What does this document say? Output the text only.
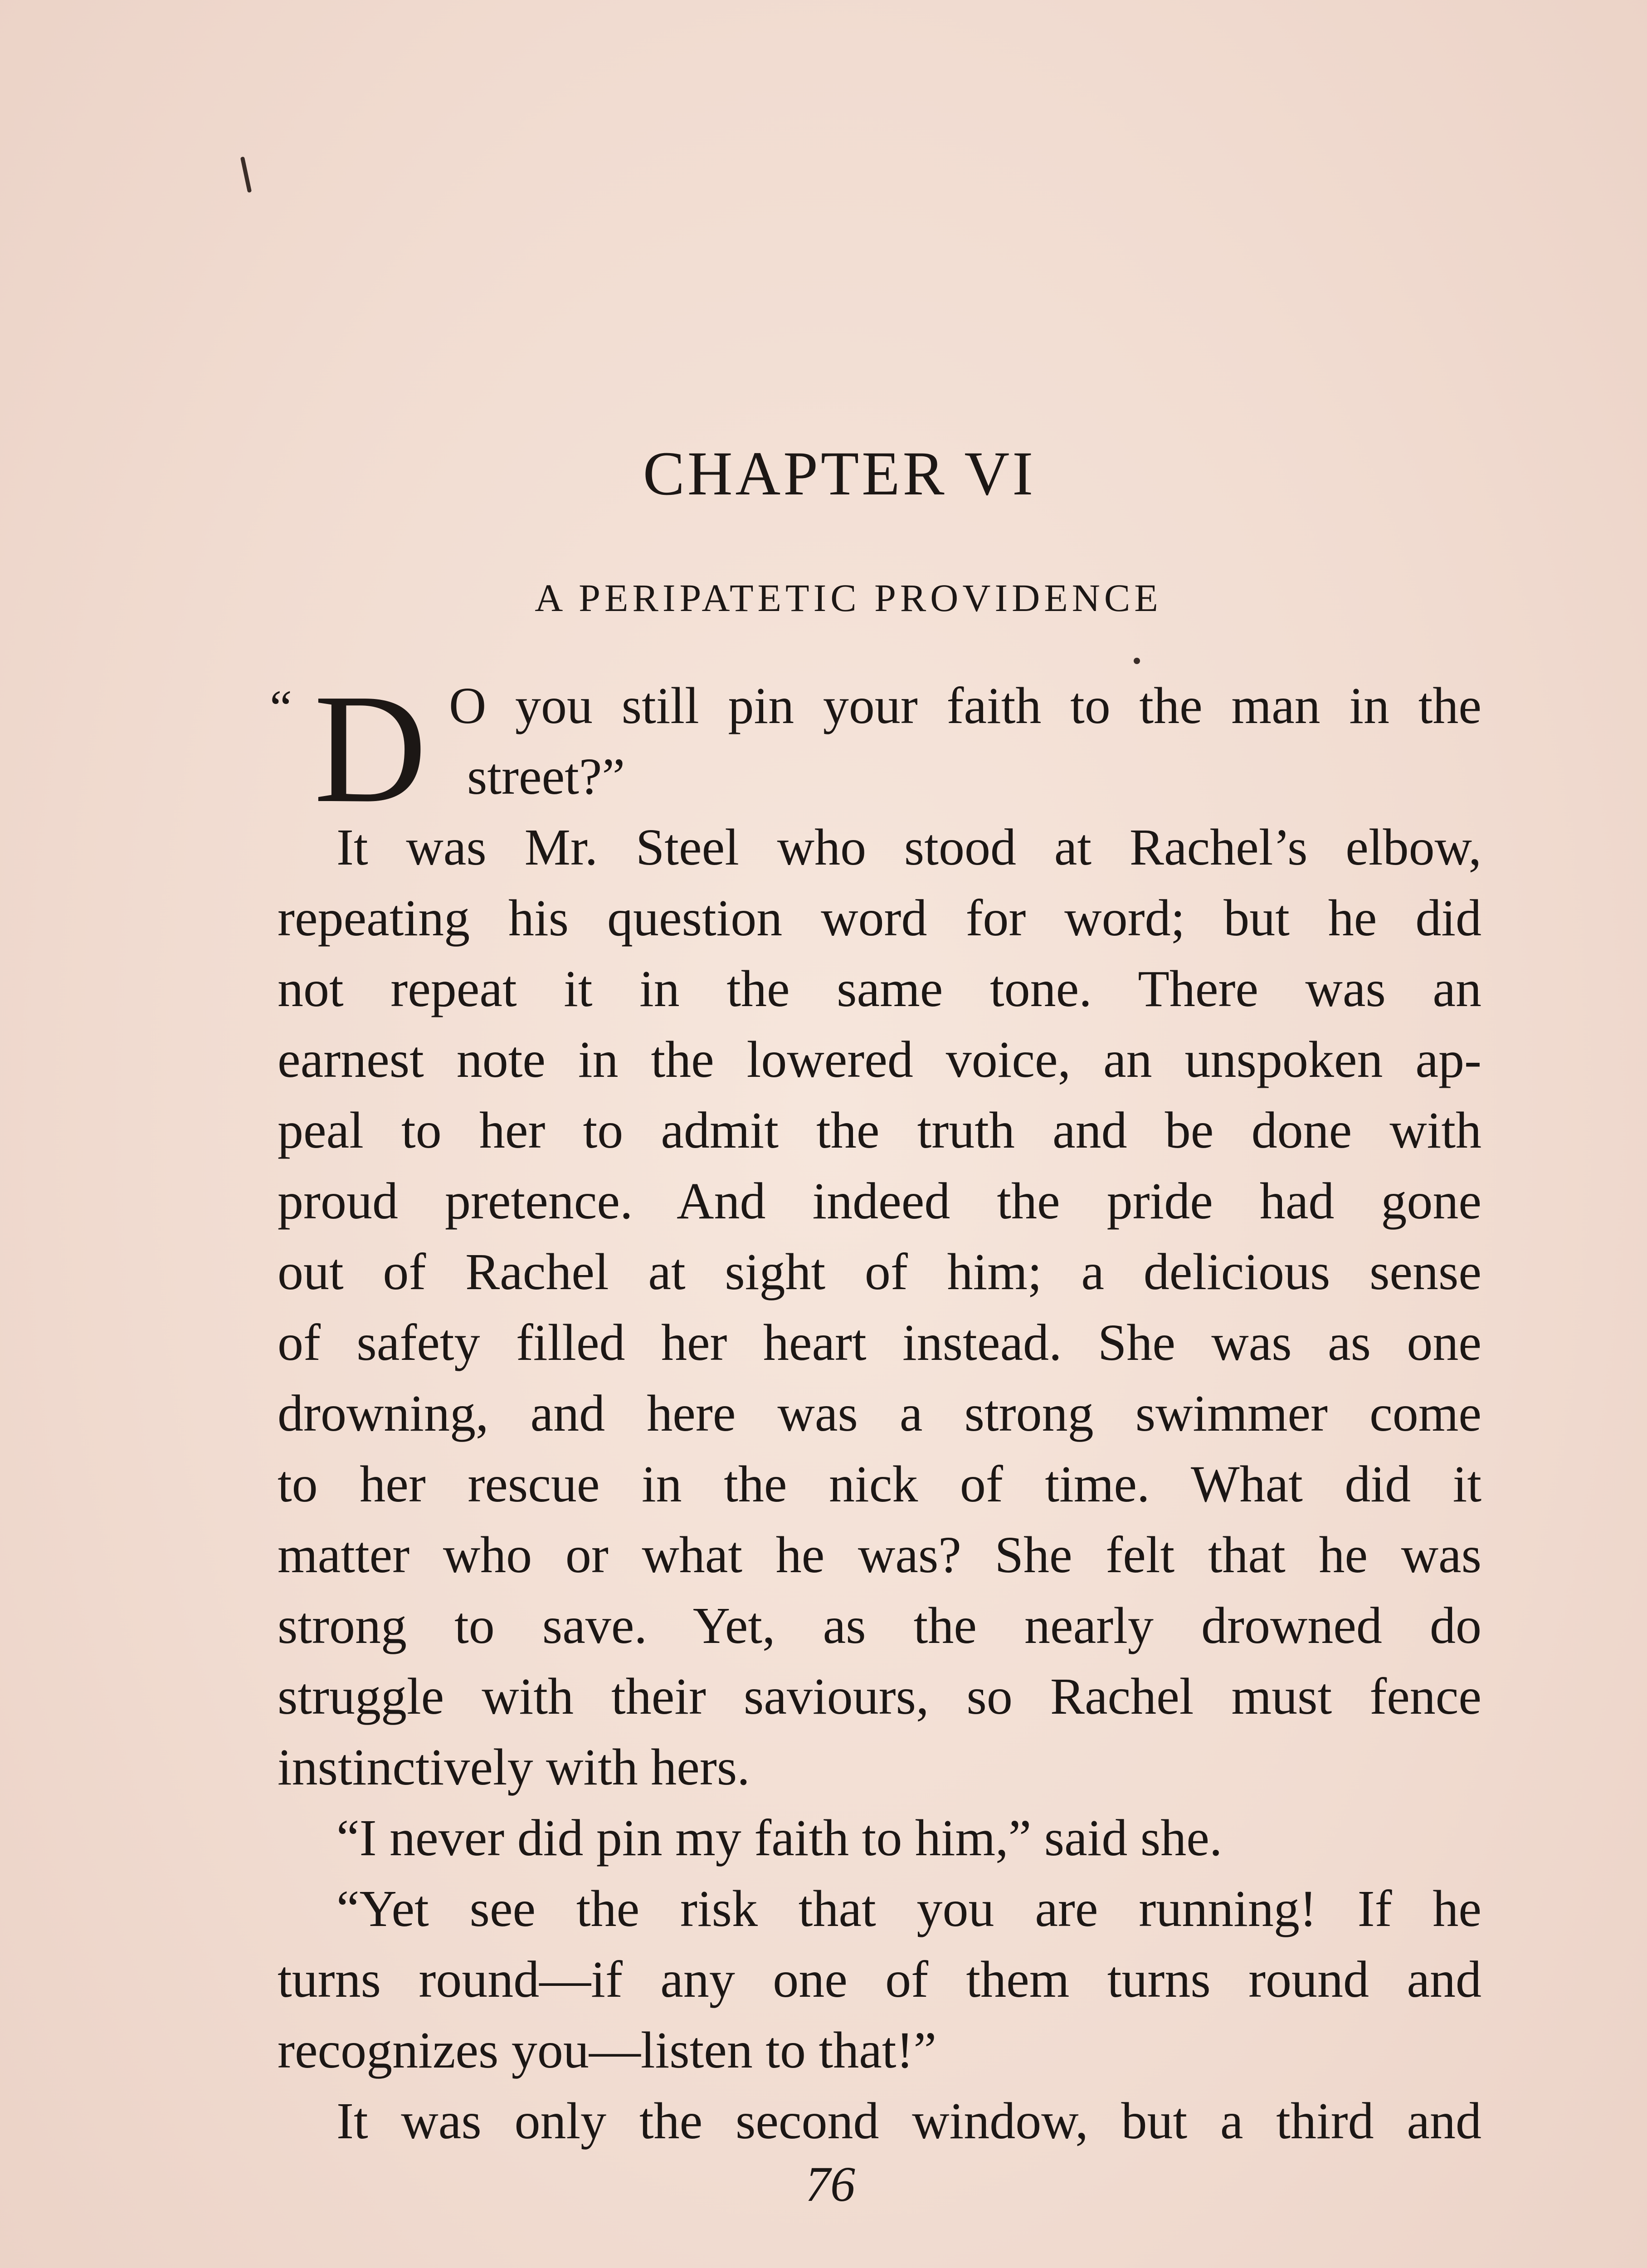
CHAPTER VI
A PERIPATETIC PROVIDENCE
“ D O you still pin your faith to the man in the
street?”
It was Mr. Steel who stood at Rachel’s elbow,
repeating his question word for word; but he did
not repeat it in the same tone. There was an
earnest note in the lowered voice, an unspoken ap-
peal to her to admit the truth and be done with
proud pretence. And indeed the pride had gone
out of Rachel at sight of him; a delicious sense
of safety filled her heart instead. She was as one
drowning, and here was a strong swimmer come
to her rescue in the nick of time. What did it
matter who or what he was? She felt that he was
strong to save. Yet, as the nearly drowned do
struggle with their saviours, so Rachel must fence
instinctively with hers.
“I never did pin my faith to him,” said she.
“Yet see the risk that you are running! If he
turns round—if any one of them turns round and
recognizes you—listen to that!”
It was only the second window, but a third and
76
